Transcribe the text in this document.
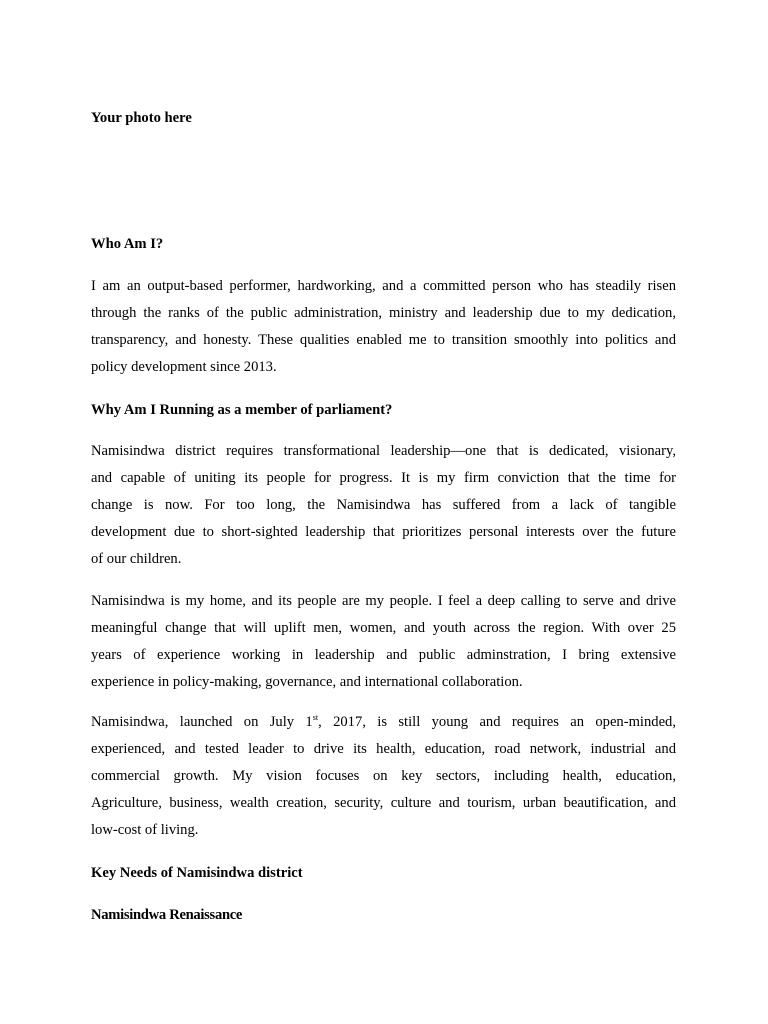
Your photo here

Who Am I?

I am an output-based performer, hardworking, and a committed person who has steadily risen
through the ranks of the public administration, ministry and leadership due to my dedication,
transparency, and honesty. These qualities enabled me to transition smoothly into politics and
policy development since 2013.

Why Am I Running as a member of parliament?

Namisindwa district requires transformational leadership—one that is dedicated, visionary,
and capable of uniting its people for progress. It is my firm conviction that the time for
change is now. For too long, the Namisindwa has suffered from a lack of tangible
development due to short-sighted leadership that prioritizes personal interests over the future
of our children.
Namisindwa is my home, and its people are my people. I feel a deep calling to serve and drive
meaningful change that will uplift men, women, and youth across the region. With over 25
years of experience working in leadership and public adminstration, I bring extensive
experience in policy-making, governance, and international collaboration.
Namisindwa, launched on July 1st, 2017, is still young and requires an open-minded,
experienced, and tested leader to drive its health, education, road network, industrial and
commercial growth. My vision focuses on key sectors, including health, education,
Agriculture, business, wealth creation, security, culture and tourism, urban beautification, and
low-cost of living.

Key Needs of Namisindwa district

Namisindwa Renaissance
